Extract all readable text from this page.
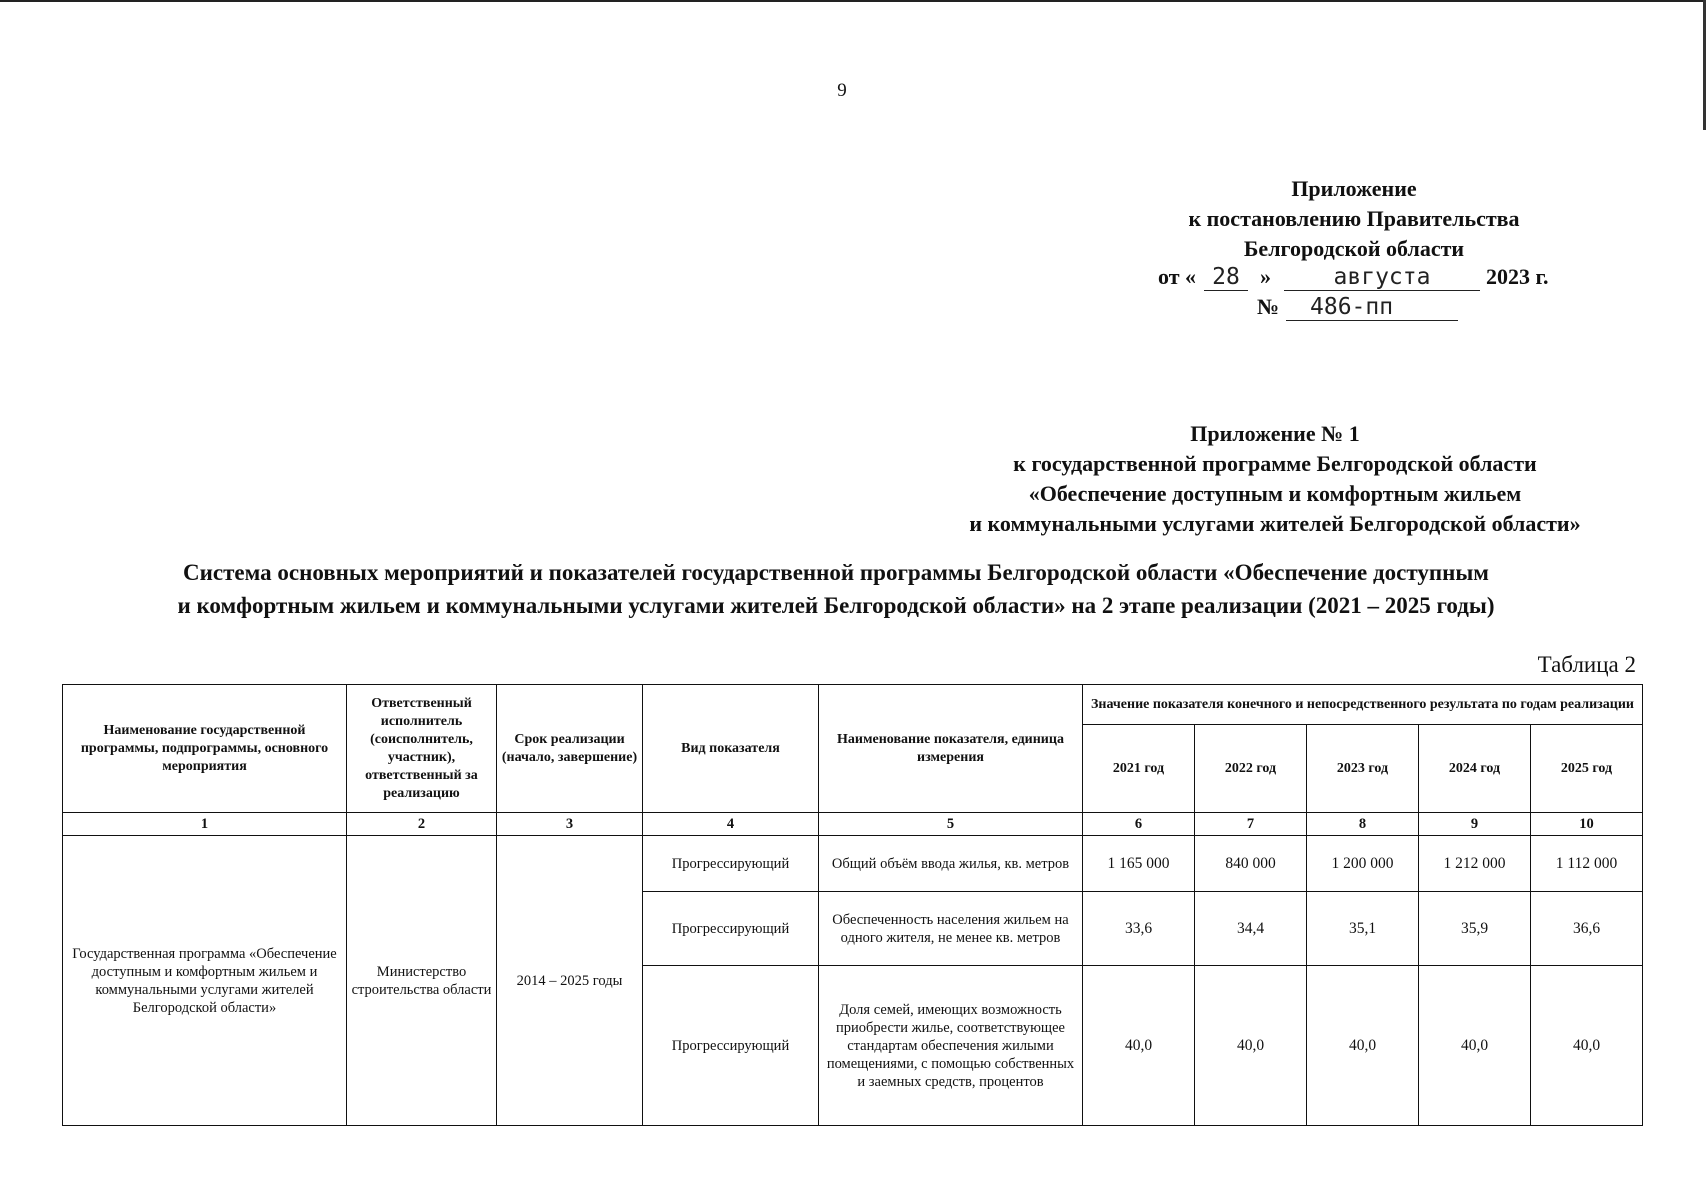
9
Приложение
к постановлению Правительства
Белгородской области
от « 28 »	августа	2023 г.
№	486-пп
Приложение № 1
к государственной программе Белгородской области
«Обеспечение доступным и комфортным жильем
и коммунальными услугами жителей Белгородской области»
Система основных мероприятий и показателей государственной программы Белгородской области «Обеспечение доступным
и комфортным жильем и коммунальными услугами жителей Белгородской области» на 2 этапе реализации (2021 – 2025 годы)
Таблица 2
Наименование государственной программы, подпрограммы, основного мероприятия	Ответственный исполнитель (соисполнитель, участник), ответственный за реализацию	Срок реализации (начало, завершение)	Вид показателя	Наименование показателя, единица измерения	Значение показателя конечного и непосредственного результата по годам реализации				
					2021 год	2022 год	2023 год	2024 год	2025 год
1	2	3	4	5	6	7	8	9	10
Государственная программа «Обеспечение доступным и комфортным жильем и коммунальными услугами жителей Белгородской области»	Министерство строительства области	2014 – 2025 годы	Прогрессирующий	Общий объём ввода жилья, кв. метров	1 165 000	840 000	1 200 000	1 212 000	1 112 000
			Прогрессирующий	Обеспеченность населения жильем на одного жителя, не менее кв. метров	33,6	34,4	35,1	35,9	36,6
			Прогрессирующий	Доля семей, имеющих возможность приобрести жилье, соответствующее стандартам обеспечения жилыми помещениями, с помощью собственных и заемных средств, процентов	40,0	40,0	40,0	40,0	40,0
